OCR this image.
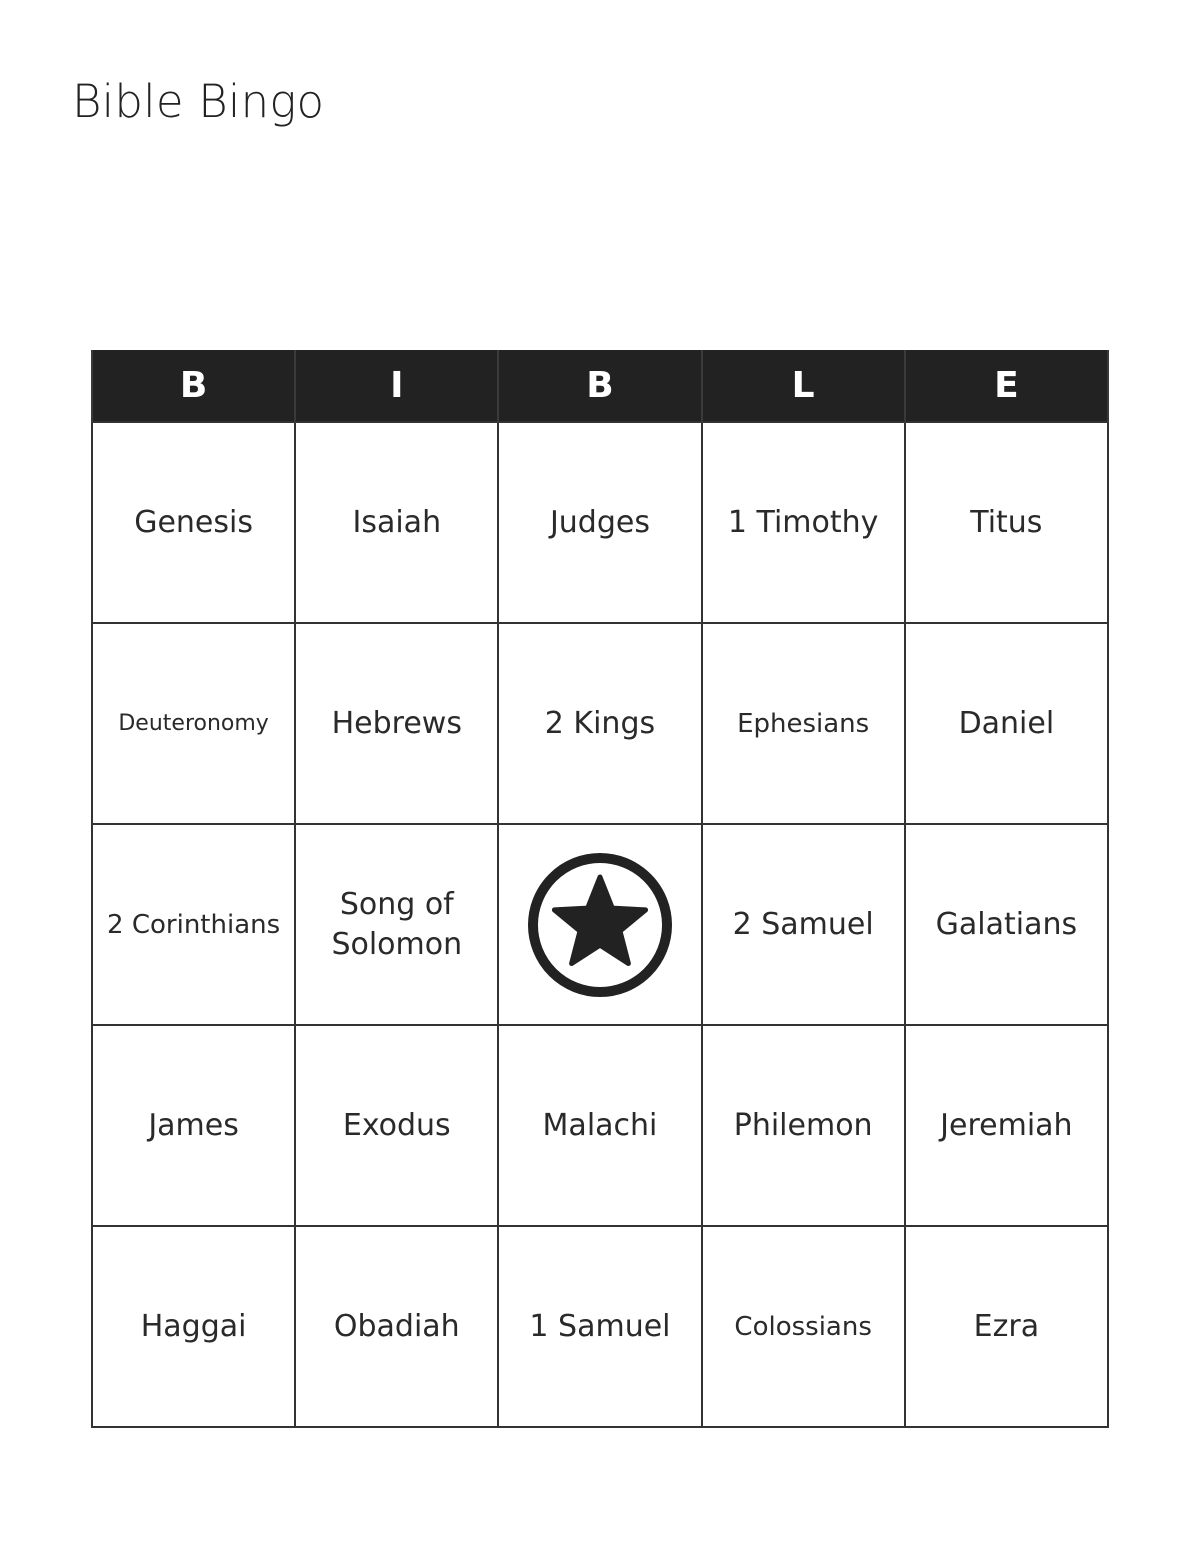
Bible Bingo
B	I	B	L	E
Genesis	Isaiah	Judges	1 Timothy	Titus
Deuteronomy	Hebrews	2 Kings	Ephesians	Daniel
2 Corinthians	Song of Solomon		2 Samuel	Galatians
James	Exodus	Malachi	Philemon	Jeremiah
Haggai	Obadiah	1 Samuel	Colossians	Ezra
